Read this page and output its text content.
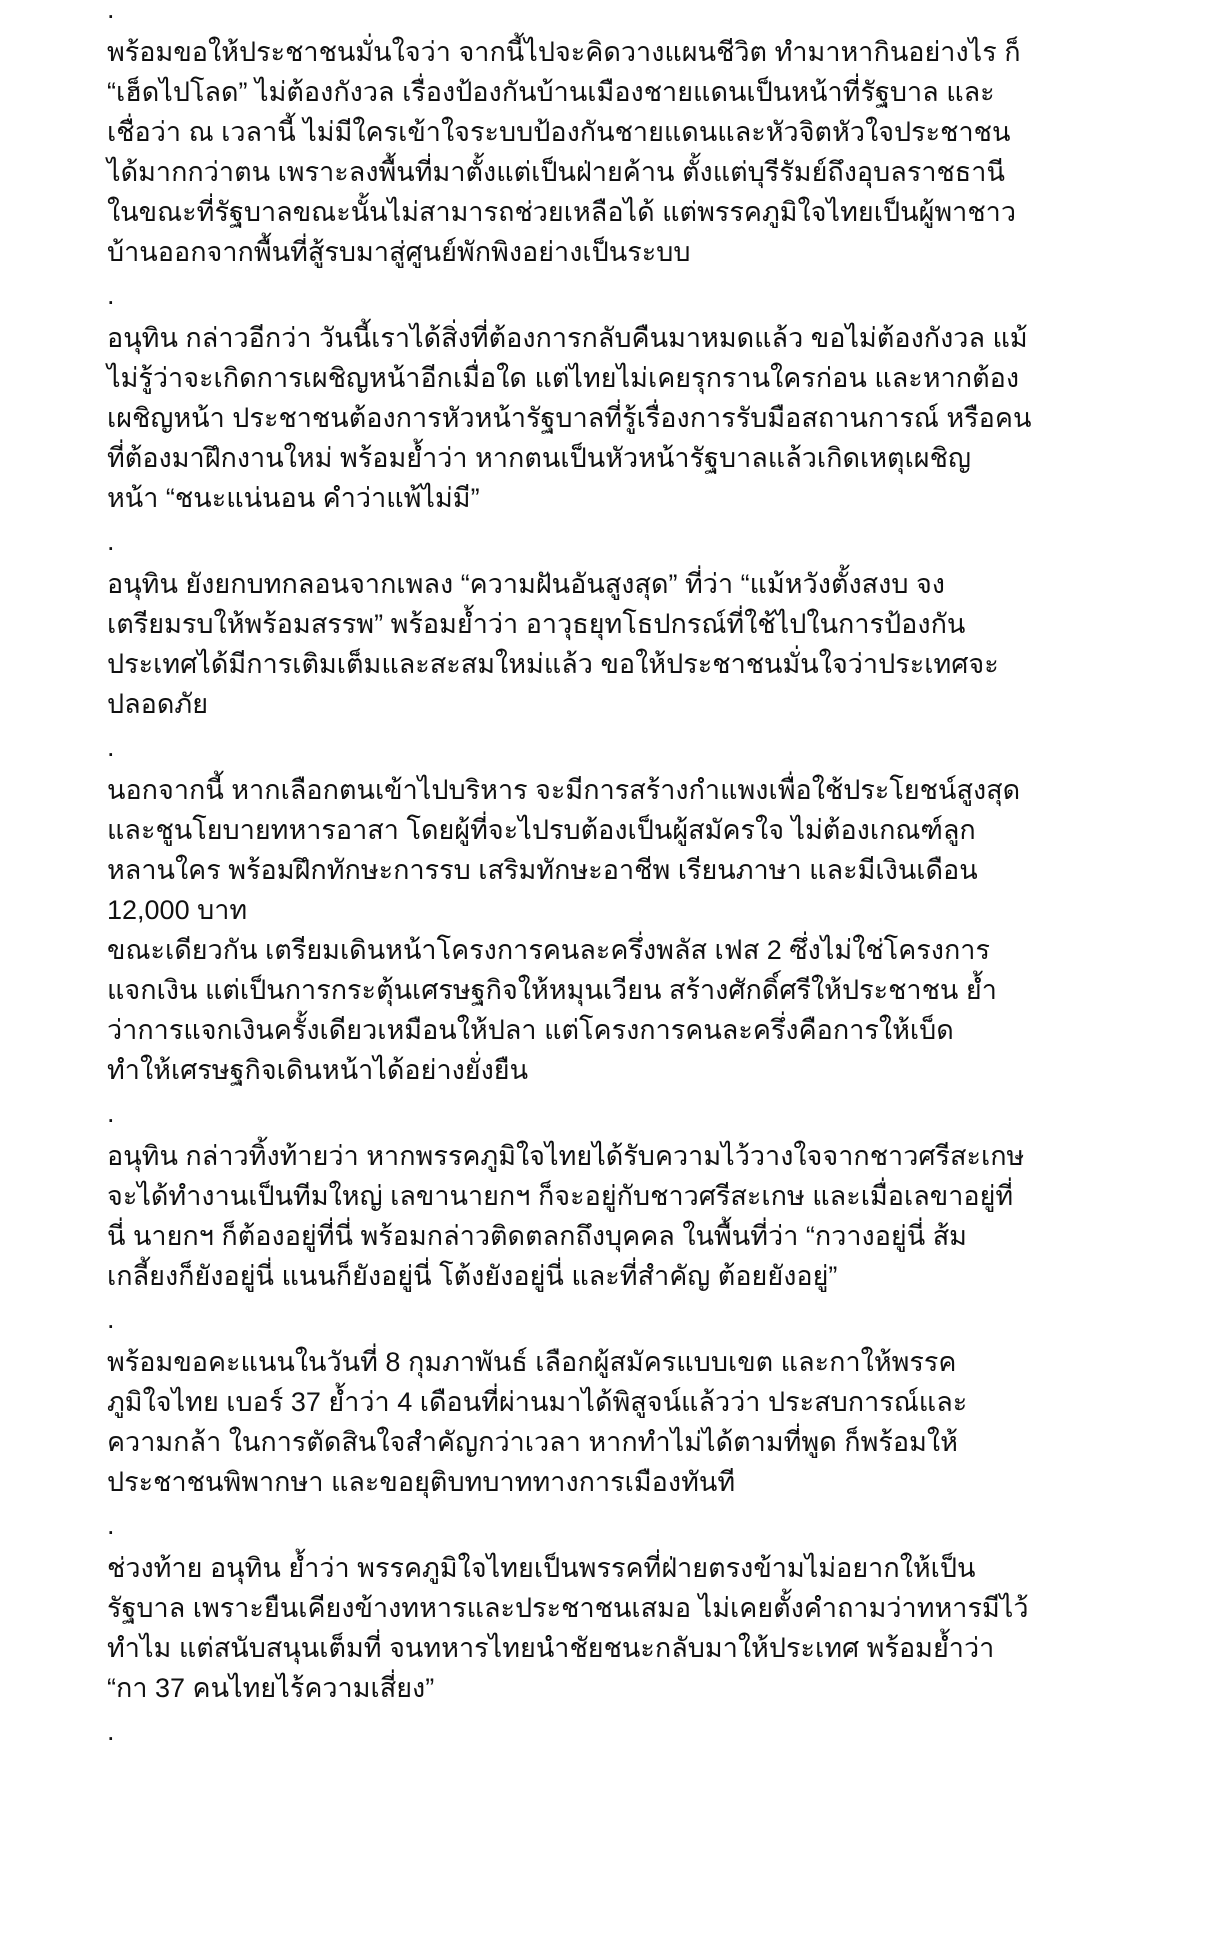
.
พร้อมขอให้ประชาชนมั่นใจว่า จากนี้ไปจะคิดวางแผนชีวิต ทำมาหากินอย่างไร ก็
“เฮ็ดไปโลด” ไม่ต้องกังวล เรื่องป้องกันบ้านเมืองชายแดนเป็นหน้าที่รัฐบาล และ
เชื่อว่า ณ เวลานี้ ไม่มีใครเข้าใจระบบป้องกันชายแดนและหัวจิตหัวใจประชาชน
ได้มากกว่าตน เพราะลงพื้นที่มาตั้งแต่เป็นฝ่ายค้าน ตั้งแต่บุรีรัมย์ถึงอุบลราชธานี
ในขณะที่รัฐบาลขณะนั้นไม่สามารถช่วยเหลือได้ แต่พรรคภูมิใจไทยเป็นผู้พาชาว
บ้านออกจากพื้นที่สู้รบมาสู่ศูนย์พักพิงอย่างเป็นระบบ
.
อนุทิน กล่าวอีกว่า วันนี้เราได้สิ่งที่ต้องการกลับคืนมาหมดแล้ว ขอไม่ต้องกังวล แม้
ไม่รู้ว่าจะเกิดการเผชิญหน้าอีกเมื่อใด แต่ไทยไม่เคยรุกรานใครก่อน และหากต้อง
เผชิญหน้า ประชาชนต้องการหัวหน้ารัฐบาลที่รู้เรื่องการรับมือสถานการณ์ หรือคน
ที่ต้องมาฝึกงานใหม่ พร้อมย้ำว่า หากตนเป็นหัวหน้ารัฐบาลแล้วเกิดเหตุเผชิญ
หน้า “ชนะแน่นอน คำว่าแพ้ไม่มี”
.
อนุทิน ยังยกบทกลอนจากเพลง “ความฝันอันสูงสุด” ที่ว่า “แม้หวังตั้งสงบ จง
เตรียมรบให้พร้อมสรรพ” พร้อมย้ำว่า อาวุธยุทโธปกรณ์ที่ใช้ไปในการป้องกัน
ประเทศได้มีการเติมเต็มและสะสมใหม่แล้ว ขอให้ประชาชนมั่นใจว่าประเทศจะ
ปลอดภัย
.
นอกจากนี้ หากเลือกตนเข้าไปบริหาร จะมีการสร้างกำแพงเพื่อใช้ประโยชน์สูงสุด
และชูนโยบายทหารอาสา โดยผู้ที่จะไปรบต้องเป็นผู้สมัครใจ ไม่ต้องเกณฑ์ลูก
หลานใคร พร้อมฝึกทักษะการรบ เสริมทักษะอาชีพ เรียนภาษา และมีเงินเดือน
12,000 บาท
ขณะเดียวกัน เตรียมเดินหน้าโครงการคนละครึ่งพลัส เฟส 2 ซึ่งไม่ใช่โครงการ
แจกเงิน แต่เป็นการกระตุ้นเศรษฐกิจให้หมุนเวียน สร้างศักดิ์ศรีให้ประชาชน ย้ำ
ว่าการแจกเงินครั้งเดียวเหมือนให้ปลา แต่โครงการคนละครึ่งคือการให้เบ็ด
ทำให้เศรษฐกิจเดินหน้าได้อย่างยั่งยืน
.
อนุทิน กล่าวทิ้งท้ายว่า หากพรรคภูมิใจไทยได้รับความไว้วางใจจากชาวศรีสะเกษ
จะได้ทำงานเป็นทีมใหญ่ เลขานายกฯ ก็จะอยู่กับชาวศรีสะเกษ และเมื่อเลขาอยู่ที่
นี่ นายกฯ ก็ต้องอยู่ที่นี่ พร้อมกล่าวติดตลกถึงบุคคล ในพื้นที่ว่า “กวางอยู่นี่ ส้ม
เกลี้ยงก็ยังอยู่นี่ แนนก็ยังอยู่นี่ โต้งยังอยู่นี่ และที่สำคัญ ต้อยยังอยู่”
.
พร้อมขอคะแนนในวันที่ 8 กุมภาพันธ์ เลือกผู้สมัครแบบเขต และกาให้พรรค
ภูมิใจไทย เบอร์ 37 ย้ำว่า 4 เดือนที่ผ่านมาได้พิสูจน์แล้วว่า ประสบการณ์และ
ความกล้า ในการตัดสินใจสำคัญกว่าเวลา หากทำไม่ได้ตามที่พูด ก็พร้อมให้
ประชาชนพิพากษา และขอยุติบทบาททางการเมืองทันที
.
ช่วงท้าย อนุทิน ย้ำว่า พรรคภูมิใจไทยเป็นพรรคที่ฝ่ายตรงข้ามไม่อยากให้เป็น
รัฐบาล เพราะยืนเคียงข้างทหารและประชาชนเสมอ ไม่เคยตั้งคำถามว่าทหารมีไว้
ทำไม แต่สนับสนุนเต็มที่ จนทหารไทยนำชัยชนะกลับมาให้ประเทศ พร้อมย้ำว่า
“กา 37 คนไทยไร้ความเสี่ยง”
.
